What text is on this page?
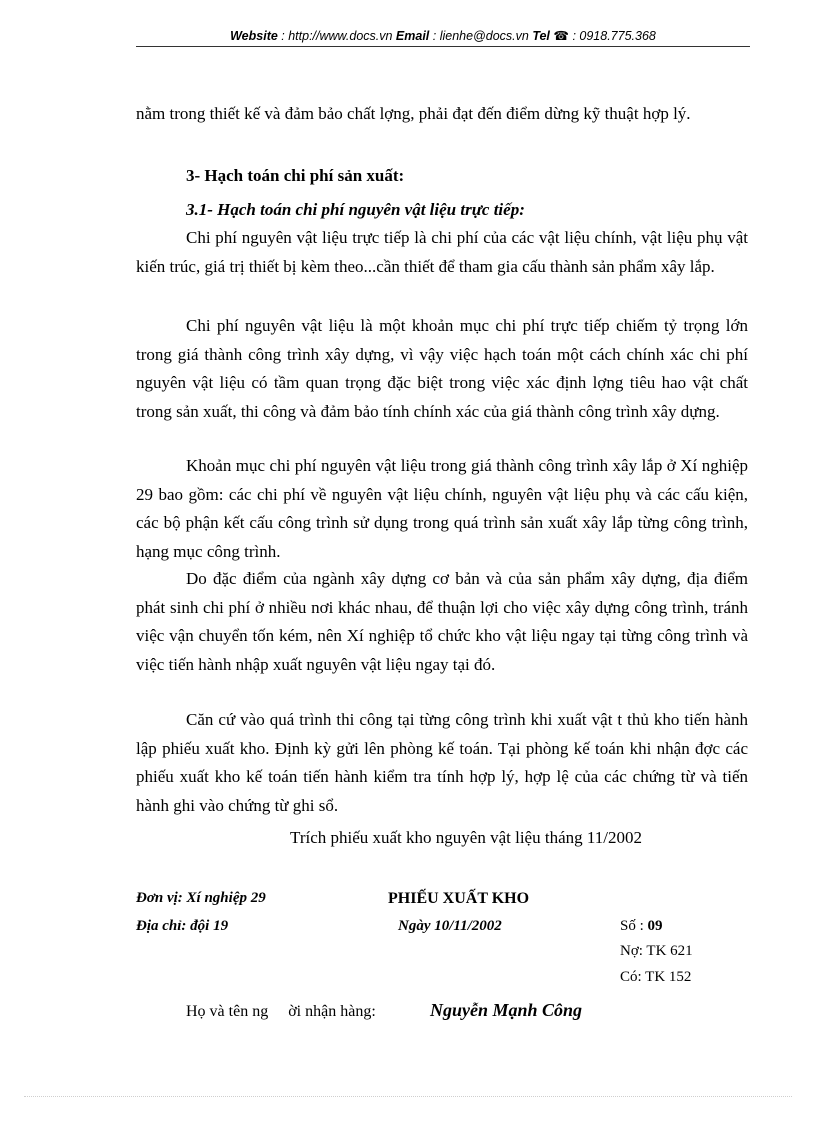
Website : http://www.docs.vn Email : lienhe@docs.vn Tel ☎ : 0918.775.368
nằm trong thiết kế và đảm bảo chất lợng, phải đạt đến điểm dừng kỹ thuật hợp lý.
3- Hạch toán chi phí sản xuất:
3.1- Hạch toán chi phí nguyên vật liệu trực tiếp:
Chi phí nguyên vật liệu trực tiếp là chi phí của các vật liệu chính, vật liệu phụ vật kiến trúc, giá trị thiết bị kèm theo...cần thiết để tham gia cấu thành sản phẩm xây lắp.
Chi phí nguyên vật liệu là một khoản mục chi phí trực tiếp chiếm tỷ trọng lớn trong giá thành công trình xây dựng, vì vậy việc hạch toán một cách chính xác chi phí nguyên vật liệu có tầm quan trọng đặc biệt trong việc xác định lợng tiêu hao vật chất trong sản xuất, thi công và đảm bảo tính chính xác của giá thành công trình xây dựng.
Khoản mục chi phí nguyên vật liệu trong giá thành công trình xây lắp ở Xí nghiệp 29 bao gồm: các chi phí về nguyên vật liệu chính, nguyên vật liệu phụ và các cấu kiện, các bộ phận kết cấu công trình sử dụng trong quá trình sản xuất xây lắp từng công trình, hạng mục công trình.
Do đặc điểm của ngành xây dựng cơ bản và của sản phẩm xây dựng, địa điểm phát sinh chi phí ở nhiều nơi khác nhau, để thuận lợi cho việc xây dựng công trình, tránh việc vận chuyển tốn kém, nên Xí nghiệp tổ chức kho vật liệu ngay tại từng công trình và việc tiến hành nhập xuất nguyên vật liệu ngay tại đó.
Căn cứ vào quá trình thi công tại từng công trình khi xuất vật t thủ kho tiến hành lập phiếu xuất kho. Định kỳ gửi lên phòng kế toán. Tại phòng kế toán khi nhận đợc các phiếu xuất kho kế toán tiến hành kiểm tra tính hợp lý, hợp lệ của các chứng từ và tiến hành ghi vào chứng từ ghi sổ.
Trích phiếu xuất kho nguyên vật liệu tháng 11/2002
Đơn vị: Xí nghiệp 29
Địa chỉ: đội 19
PHIẾU XUẤT KHO
Ngày 10/11/2002	Số : 09
Nợ: TK 621
Có: TK 152
Họ và tên ng     ời nhận hàng:	Nguyễn Mạnh Công
